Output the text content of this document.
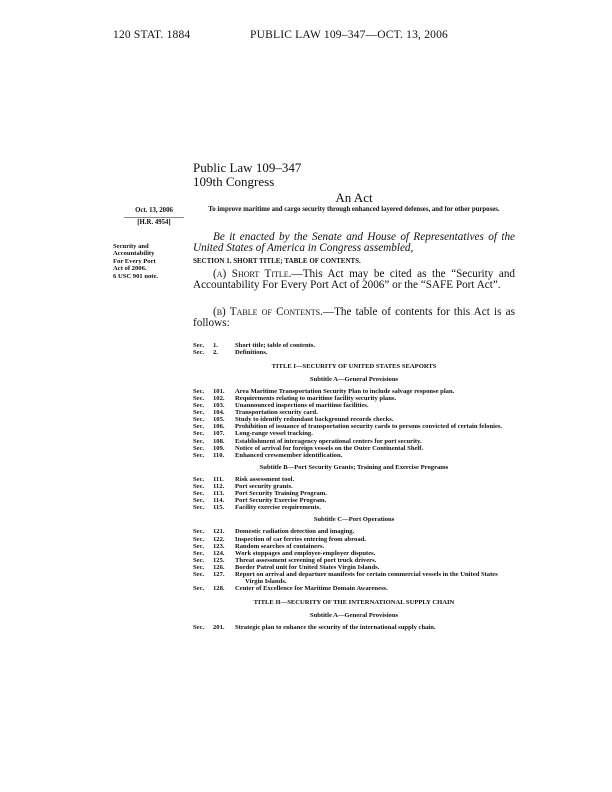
120 STAT. 1884	PUBLIC LAW 109–347—OCT. 13, 2006
Public Law 109–347
109th Congress
An Act
Oct. 13, 2006
[H.R. 4954]
To improve maritime and cargo security through enhanced layered defenses, and for other purposes.
Be it enacted by the Senate and House of Representatives of the United States of America in Congress assembled,
Security and
Accountability
For Every Port
Act of 2006.
6 USC 901 note.
SECTION 1. SHORT TITLE; TABLE OF CONTENTS.
(a) Short Title.—This Act may be cited as the “Security and Accountability For Every Port Act of 2006” or the “SAFE Port Act”.
(b) Table of Contents.—The table of contents for this Act is as follows:
Sec.	1.	Short title; table of contents.
Sec.	2.	Definitions.
TITLE I—SECURITY OF UNITED STATES SEAPORTS
Subtitle A—General Provisions
Sec.	101.	Area Maritime Transportation Security Plan to include salvage response plan.
Sec.	102.	Requirements relating to maritime facility security plans.
Sec.	103.	Unannounced inspections of maritime facilities.
Sec.	104.	Transportation security card.
Sec.	105.	Study to identify redundant background records checks.
Sec.	106.	Prohibition of issuance of transportation security cards to persons convicted of certain felonies.
Sec.	107.	Long-range vessel tracking.
Sec.	108.	Establishment of interagency operational centers for port security.
Sec.	109.	Notice of arrival for foreign vessels on the Outer Continental Shelf.
Sec.	110.	Enhanced crewmember identification.
Subtitle B—Port Security Grants; Training and Exercise Programs
Sec.	111.	Risk assessment tool.
Sec.	112.	Port security grants.
Sec.	113.	Port Security Training Program.
Sec.	114.	Port Security Exercise Program.
Sec.	115.	Facility exercise requirements.
Subtitle C—Port Operations
Sec.	121.	Domestic radiation detection and imaging.
Sec.	122.	Inspection of car ferries entering from abroad.
Sec.	123.	Random searches of containers.
Sec.	124.	Work stoppages and employee-employer disputes.
Sec.	125.	Threat assessment screening of port truck drivers.
Sec.	126.	Border Patrol unit for United States Virgin Islands.
Sec.	127.	Report on arrival and departure manifests for certain commercial vessels in the United States Virgin Islands.
Sec.	128.	Center of Excellence for Maritime Domain Awareness.
TITLE II—SECURITY OF THE INTERNATIONAL SUPPLY CHAIN
Subtitle A—General Provisions
Sec.	201.	Strategic plan to enhance the security of the international supply chain.
